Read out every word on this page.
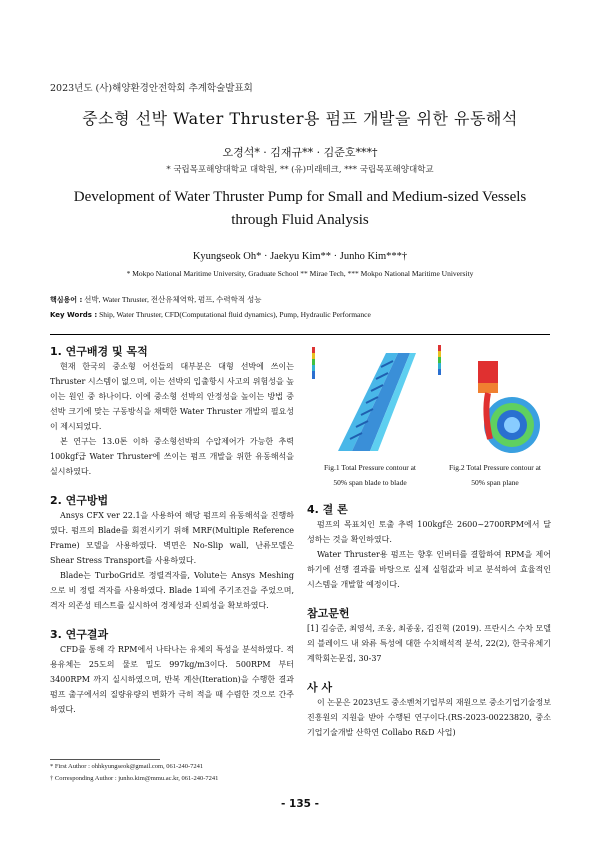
2023년도 (사)해양환경안전학회 추계학술발표회
중소형 선박 Water Thruster용 펌프 개발을 위한 유동해석
오경석* · 김재규** · 김준호***†
* 국립목포해양대학교 대학원, ** (유)미래테크, *** 국립목포해양대학교
Development of Water Thruster Pump for Small and Medium-sized Vessels
through Fluid Analysis
Kyungseok Oh* · Jaekyu Kim** · Junho Kim***†
* Mokpo National Maritime University, Graduate School ** Mirae Tech, *** Mokpo National Maritime University
핵심용어 : 선박, Water Thruster, 전산유체역학, 펌프, 수력학적 성능
Key Words : Ship, Water Thruster, CFD(Computational fluid dynamics), Pump, Hydraulic Performance
1. 연구배경 및 목적

현재 한국의 중소형 어선들의 대부분은 대형 선박에 쓰이는 Thruster 시스템이 없으며, 이는 선박의 입출항시 사고의 위험성을 높이는 원인 중 하나이다. 이에 중소형 선박의 안정성을 높이는 방법 중 선박 크기에 맞는 구동방식을 채택한 Water Thruster 개발의 필요성이 제시되었다.

본 연구는 13.0톤 이하 중소형선박의 수압제어가 가능한 추력 100kgf급 Water Thruster에 쓰이는 펌프 개발을 위한 유동해석을 실시하였다.

2. 연구방법

Ansys CFX ver 22.1을 사용하여 해당 펌프의 유동해석을 진행하였다. 펌프의 Blade를 회전시키기 위해 MRF(Multiple Reference Frame) 모델을 사용하였다. 벽면은 No-Slip wall, 난류모델은 Shear Stress Transport를 사용하였다.

Blade는 TurboGrid로 정렬격자를, Volute는 Ansys Meshing으로 비 정렬 격자를 사용하였다. Blade 1피에 주기조건을 주었으며, 격자 의존성 테스트를 실시하여 경제성과 신뢰성을 확보하였다.

3. 연구결과

CFD를 통해 각 RPM에서 나타나는 유체의 특성을 분석하였다. 적용유체는 25도의 물로 밀도 997kg/m3이다. 500RPM 부터 3400RPM 까지 실시하였으며, 반복 계산(Iteration)을 수행한 결과 펌프 출구에서의 질량유량의 변화가 극히 적을 때 수렴한 것으로 간주하였다.

Fig.1 Total Pressure contour at
50% span blade to blade
Fig.2 Total Pressure contour at
50% span plane
4. 결 론

펌프의 목표치인 토출 추력 100kgf은 2600~2700RPM에서 달성하는 것을 확인하였다.

Water Thruster용 펌프는 향후 인버터를 결합하여 RPM을 제어하기에 선행 결과를 바탕으로 실제 실험값과 비교 분석하여 효율적인 시스템을 개발할 예정이다.

참고문헌

[1] 김승준, 최영석, 조웅, 최종웅, 김진혁 (2019). 프란시스 수차 모델의 블레이드 내 와류 특성에 대한 수치해석적 분석, 22(2), 한국유체기계학회논문집, 30-37

사 사

이 논문은 2023년도 중소벤처기업부의 재원으로 중소기업기술정보진흥원의 지원을 받아 수행된 연구이다.(RS-2023-00223820, 중소기업기술개발 산학연 Collabo R&D 사업)

* First Author : ohhkyungseok@gmail.com, 061-240-7241
† Corresponding Author : junho.kim@mmu.ac.kr, 061-240-7241
- 135 -
